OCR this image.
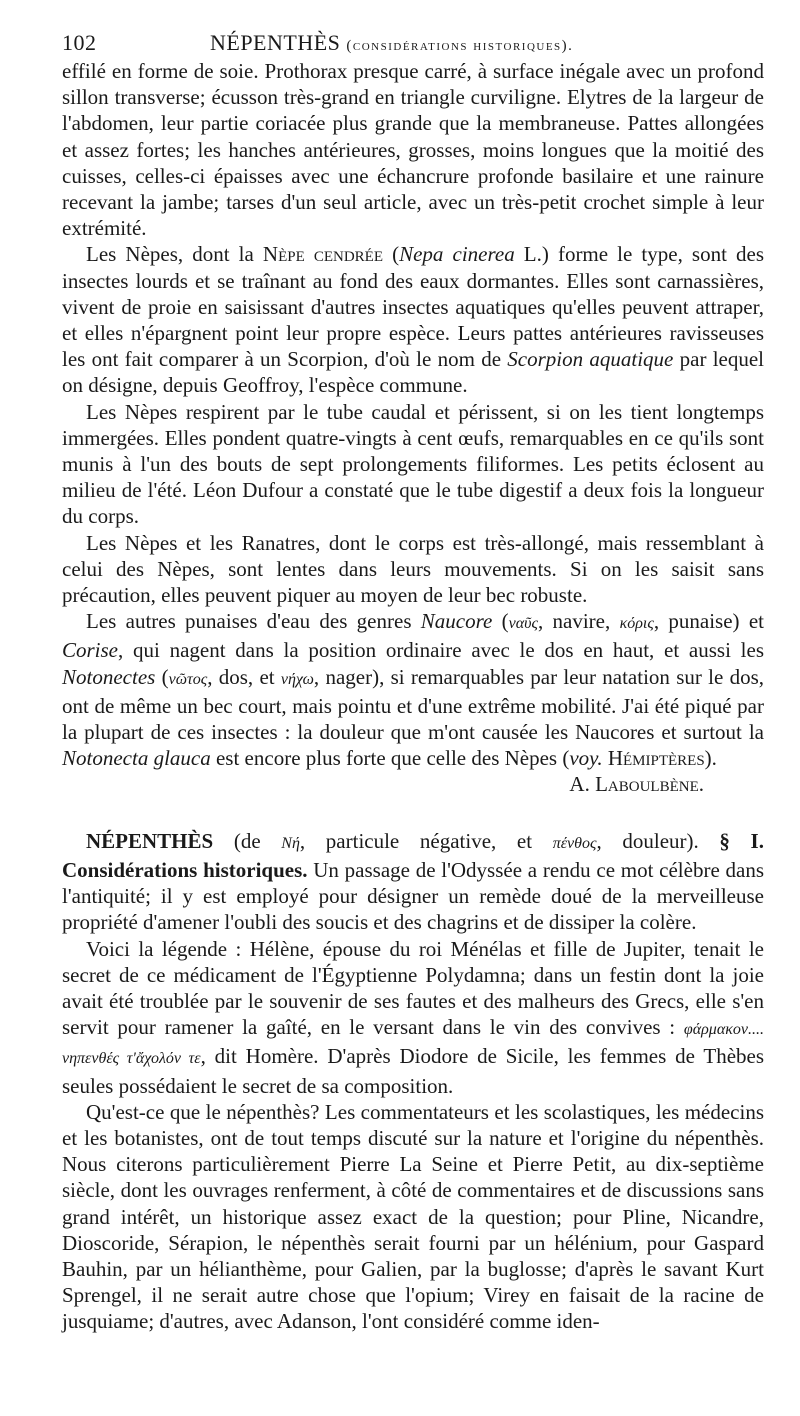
102	NÉPENTHÈS (considérations historiques).

effilé en forme de soie. Prothorax presque carré, à surface inégale avec un profond sillon transverse; écusson très-grand en triangle curviligne. Elytres de la largeur de l'abdomen, leur partie coriacée plus grande que la membraneuse. Pattes allongées et assez fortes; les hanches antérieures, grosses, moins longues que la moitié des cuisses, celles-ci épaisses avec une échancrure profonde basilaire et une rainure recevant la jambe; tarses d'un seul article, avec un très-petit crochet simple à leur extrémité.

Les Nèpes, dont la Nèpe cendrée (Nepa cinerea L.) forme le type, sont des insectes lourds et se traînant au fond des eaux dormantes. Elles sont carnassières, vivent de proie en saisissant d'autres insectes aquatiques qu'elles peuvent attraper, et elles n'épargnent point leur propre espèce. Leurs pattes antérieures ravisseuses les ont fait comparer à un Scorpion, d'où le nom de Scorpion aquatique par lequel on désigne, depuis Geoffroy, l'espèce commune.

Les Nèpes respirent par le tube caudal et périssent, si on les tient longtemps immergées. Elles pondent quatre-vingts à cent œufs, remarquables en ce qu'ils sont munis à l'un des bouts de sept prolongements filiformes. Les petits éclosent au milieu de l'été. Léon Dufour a constaté que le tube digestif a deux fois la longueur du corps.

Les Nèpes et les Ranatres, dont le corps est très-allongé, mais ressemblant à celui des Nèpes, sont lentes dans leurs mouvements. Si on les saisit sans précaution, elles peuvent piquer au moyen de leur bec robuste.

Les autres punaises d'eau des genres Naucore (ναῦς, navire, κόρις, punaise) et Corise, qui nagent dans la position ordinaire avec le dos en haut, et aussi les Notonectes (νῶτος, dos, et νήχω, nager), si remarquables par leur natation sur le dos, ont de même un bec court, mais pointu et d'une extrême mobilité. J'ai été piqué par la plupart de ces insectes : la douleur que m'ont causée les Naucores et surtout la Notonecta glauca est encore plus forte que celle des Nèpes (voy. Hémiptères).

A. Laboulbène.

NÉPENTHÈS (de Νή, particule négative, et πένθος, douleur). § I. Considérations historiques. Un passage de l'Odyssée a rendu ce mot célèbre dans l'antiquité; il y est employé pour désigner un remède doué de la merveilleuse propriété d'amener l'oubli des soucis et des chagrins et de dissiper la colère.

Voici la légende : Hélène, épouse du roi Ménélas et fille de Jupiter, tenait le secret de ce médicament de l'Égyptienne Polydamna; dans un festin dont la joie avait été troublée par le souvenir de ses fautes et des malheurs des Grecs, elle s'en servit pour ramener la gaîté, en le versant dans le vin des convives : φάρμακον.... νηπενθές τ'ἄχολόν τε, dit Homère. D'après Diodore de Sicile, les femmes de Thèbes seules possédaient le secret de sa composition.

Qu'est-ce que le népenthès? Les commentateurs et les scolastiques, les médecins et les botanistes, ont de tout temps discuté sur la nature et l'origine du népenthès. Nous citerons particulièrement Pierre La Seine et Pierre Petit, au dix-septième siècle, dont les ouvrages renferment, à côté de commentaires et de discussions sans grand intérêt, un historique assez exact de la question; pour Pline, Nicandre, Dioscoride, Sérapion, le népenthès serait fourni par un hélénium, pour Gaspard Bauhin, par un hélianthème, pour Galien, par la buglosse; d'après le savant Kurt Sprengel, il ne serait autre chose que l'opium; Virey en faisait de la racine de jusquiame; d'autres, avec Adanson, l'ont considéré comme iden-
